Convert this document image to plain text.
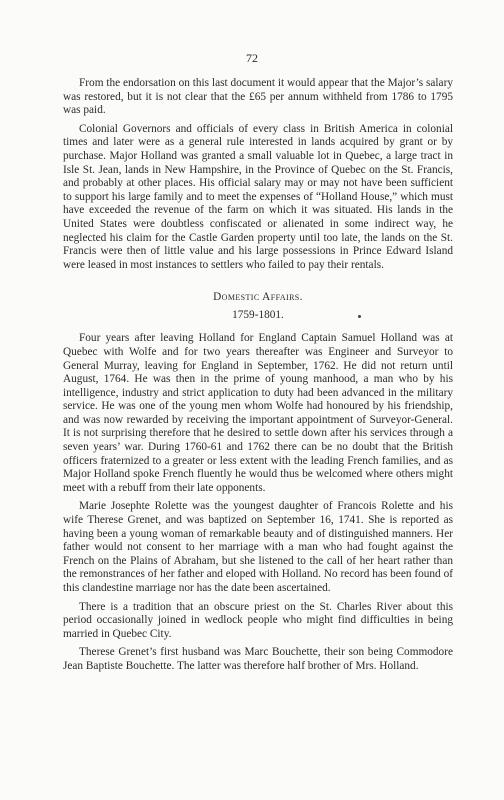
72

From the endorsation on this last document it would appear that the Major’s salary was restored, but it is not clear that the £65 per annum withheld from 1786 to 1795 was paid.

Colonial Governors and officials of every class in British America in colonial times and later were as a general rule interested in lands acquired by grant or by purchase. Major Holland was granted a small valuable lot in Quebec, a large tract in Isle St. Jean, lands in New Hampshire, in the Province of Quebec on the St. Francis, and probably at other places. His official salary may or may not have been sufficient to support his large family and to meet the expenses of “Holland House,” which must have exceeded the revenue of the farm on which it was situated. His lands in the United States were doubtless confiscated or alienated in some indirect way, he neglected his claim for the Castle Garden property until too late, the lands on the St. Francis were then of little value and his large possessions in Prince Edward Island were leased in most instances to settlers who failed to pay their rentals.

Domestic Affairs.
1759-1801.

Four years after leaving Holland for England Captain Samuel Holland was at Quebec with Wolfe and for two years thereafter was Engineer and Surveyor to General Murray, leaving for England in September, 1762. He did not return until August, 1764. He was then in the prime of young manhood, a man who by his intelligence, industry and strict application to duty had been advanced in the military service. He was one of the young men whom Wolfe had honoured by his friendship, and was now rewarded by receiving the important appointment of Surveyor-General. It is not surprising therefore that he desired to settle down after his services through a seven years’ war. During 1760-61 and 1762 there can be no doubt that the British officers fraternized to a greater or less extent with the leading French families, and as Major Holland spoke French fluently he would thus be welcomed where others might meet with a rebuff from their late opponents.

Marie Josephte Rolette was the youngest daughter of Francois Rolette and his wife Therese Grenet, and was baptized on September 16, 1741. She is reported as having been a young woman of remarkable beauty and of distinguished manners. Her father would not consent to her marriage with a man who had fought against the French on the Plains of Abraham, but she listened to the call of her heart rather than the remonstrances of her father and eloped with Holland. No record has been found of this clandestine marriage nor has the date been ascertained.

There is a tradition that an obscure priest on the St. Charles River about this period occasionally joined in wedlock people who might find difficulties in being married in Quebec City.

Therese Grenet’s first husband was Marc Bouchette, their son being Commodore Jean Baptiste Bouchette. The latter was therefore half brother of Mrs. Holland.
